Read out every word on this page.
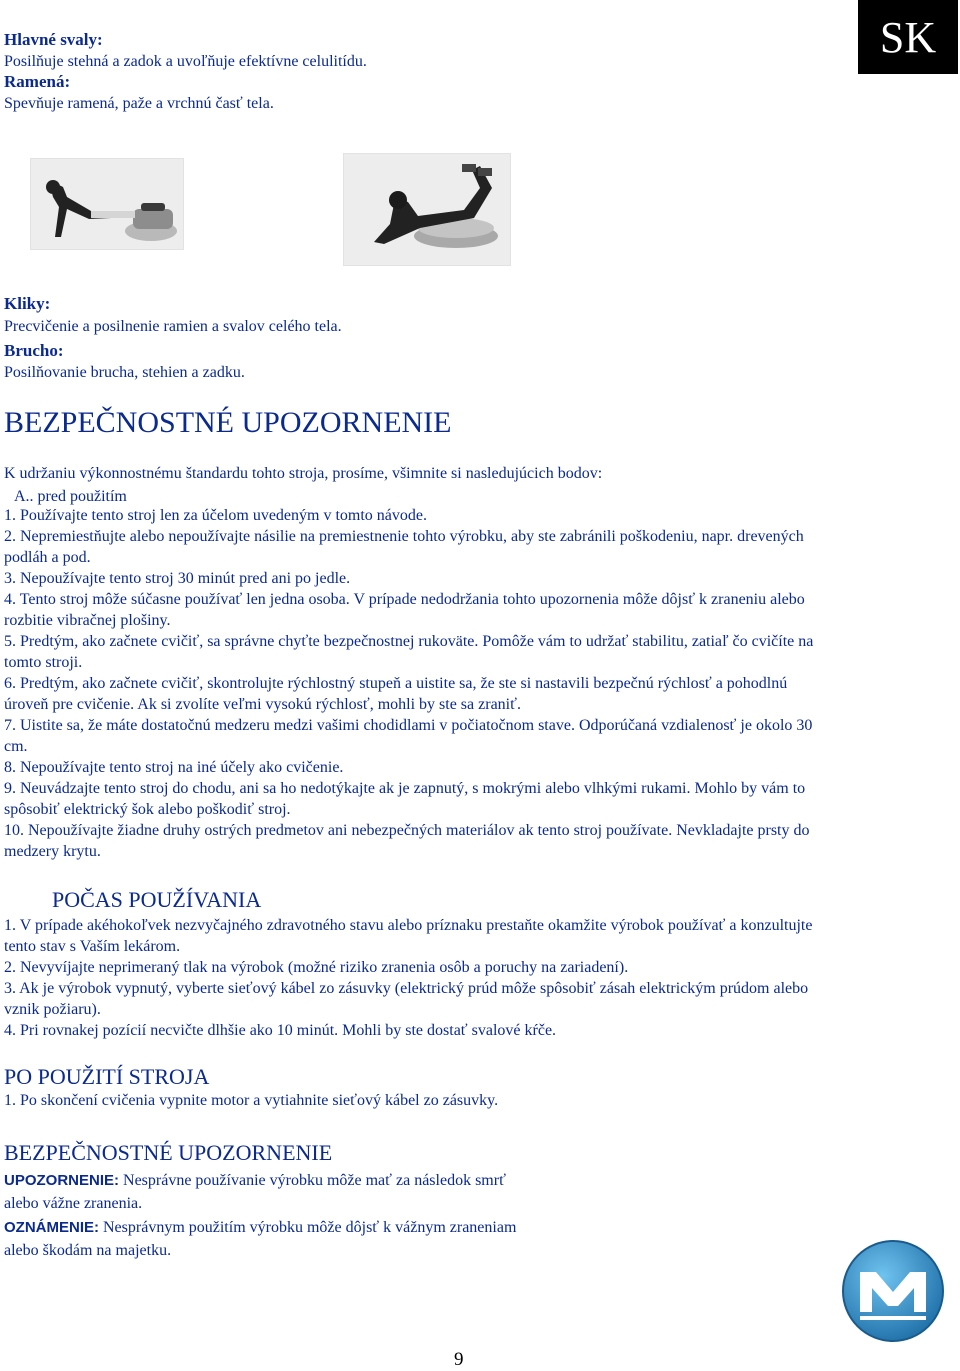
SK
Hlavné svaly:
Posilňuje stehná a zadok a uvoľňuje efektívne celulitídu.
Ramená:
Spevňuje ramená, paže a vrchnú časť tela.
Kliky:
Precvičenie a posilnenie ramien a svalov celého tela.
Brucho:
Posilňovanie brucha, stehien a zadku.
BEZPEČNOSTNÉ UPOZORNENIE
K udržaniu výkonnostnému štandardu tohto stroja, prosíme, všimnite si nasledujúcich bodov:
A.. pred použitím
1. Používajte tento stroj len za účelom uvedeným v tomto návode.
2. Nepremiestňujte alebo nepoužívajte násilie na premiestnenie tohto výrobku, aby ste zabránili poškodeniu, napr. drevených
podláh a pod.
3. Nepoužívajte tento stroj 30 minút pred ani po jedle.
4. Tento stroj môže súčasne používať len jedna osoba. V prípade nedodržania tohto upozornenia môže dôjsť k zraneniu alebo
rozbitie vibračnej plošiny.
5. Predtým, ako začnete cvičiť, sa správne chyťte bezpečnostnej rukoväte. Pomôže vám to udržať stabilitu, zatiaľ čo cvičíte na
tomto stroji.
6. Predtým, ako začnete cvičiť, skontrolujte rýchlostný stupeň a uistite sa, že ste si nastavili bezpečnú rýchlosť a pohodlnú
úroveň pre cvičenie. Ak si zvolíte veľmi vysokú rýchlosť, mohli by ste sa zraniť.
7. Uistite sa, že máte dostatočnú medzeru medzi vašimi chodidlami v počiatočnom stave. Odporúčaná vzdialenosť je okolo 30
cm.
8. Nepoužívajte tento stroj na iné účely ako cvičenie.
9. Neuvádzajte tento stroj do chodu, ani sa ho nedotýkajte ak je zapnutý, s mokrými alebo vlhkými rukami. Mohlo by vám to
spôsobiť elektrický šok alebo poškodiť stroj.
10. Nepoužívajte žiadne druhy ostrých predmetov ani nebezpečných materiálov ak tento stroj používate. Nevkladajte prsty do
medzery krytu.
POČAS POUŽÍVANIA
1. V prípade akéhokoľvek nezvyčajného zdravotného stavu alebo príznaku prestaňte okamžite výrobok používať a konzultujte
tento stav s Vaším lekárom.
2. Nevyvíjajte neprimeraný tlak na výrobok (možné riziko zranenia osôb a poruchy na zariadení).
3. Ak je výrobok vypnutý, vyberte sieťový kábel zo zásuvky (elektrický prúd môže spôsobiť zásah elektrickým prúdom alebo
vznik požiaru).
4. Pri rovnakej pozícií necvičte dlhšie ako 10 minút. Mohli by ste dostať svalové kŕče.
PO POUŽITÍ STROJA
1. Po skončení cvičenia vypnite motor a vytiahnite sieťový kábel zo zásuvky.
BEZPEČNOSTNÉ UPOZORNENIE
UPOZORNENIE: Nesprávne používanie výrobku môže mať za následok smrť
alebo vážne zranenia.
OZNÁMENIE: Nesprávnym použitím výrobku môže dôjsť k vážnym zraneniam
alebo škodám na majetku.
9
